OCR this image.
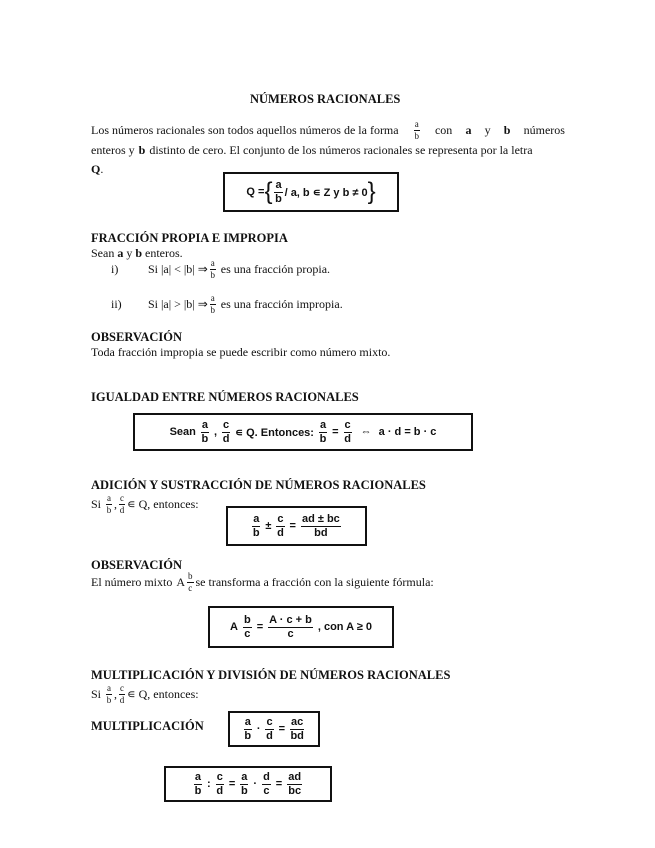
NÚMEROS RACIONALES
Los números racionales son todos aquellos números de la forma $\frac{a}{b}$ con a y b números
enteros y b distinto de cero. El conjunto de los números racionales se representa por la letra
Q.
Q = { $\frac{a}{b}$ / a, b ∊ Z y b ≠ 0 }
FRACCIÓN PROPIA E IMPROPIA
Sean a y b enteros.
i)	Si |a| < |b| ⇒ $\frac{a}{b}$ es una fracción propia.
ii)	Si |a| > |b| ⇒ $\frac{a}{b}$ es una fracción impropia.
OBSERVACIÓN
Toda fracción impropia se puede escribir como número mixto.
IGUALDAD ENTRE NÚMEROS RACIONALES
Sean $\frac{a}{b}$ , $\frac{c}{d}$ ∊ Q. Entonces: $\frac{a}{b} = \frac{c}{d}$ ⇔ a · d = b · c
ADICIÓN Y SUSTRACCIÓN DE NÚMEROS RACIONALES
Si $\frac{a}{b}$ , $\frac{c}{d}$ ∊ Q, entonces:
$\frac{a}{b} \pm \frac{c}{d} = \frac{ad \pm bc}{bd}$
OBSERVACIÓN
El número mixto A $\frac{b}{c}$ se transforma a fracción con la siguiente fórmula:
A $\frac{b}{c} = \frac{A \cdot c + b}{c}$ , con A ≥ 0
MULTIPLICACIÓN Y DIVISIÓN DE NÚMEROS RACIONALES
Si $\frac{a}{b}$ , $\frac{c}{d}$ ∊ Q, entonces:
MULTIPLICACIÓN	$\frac{a}{b} \cdot \frac{c}{d} = \frac{ac}{bd}$
$\frac{a}{b}$ : $\frac{c}{d} = \frac{a}{b} \cdot \frac{d}{c} = \frac{ad}{bc}$
